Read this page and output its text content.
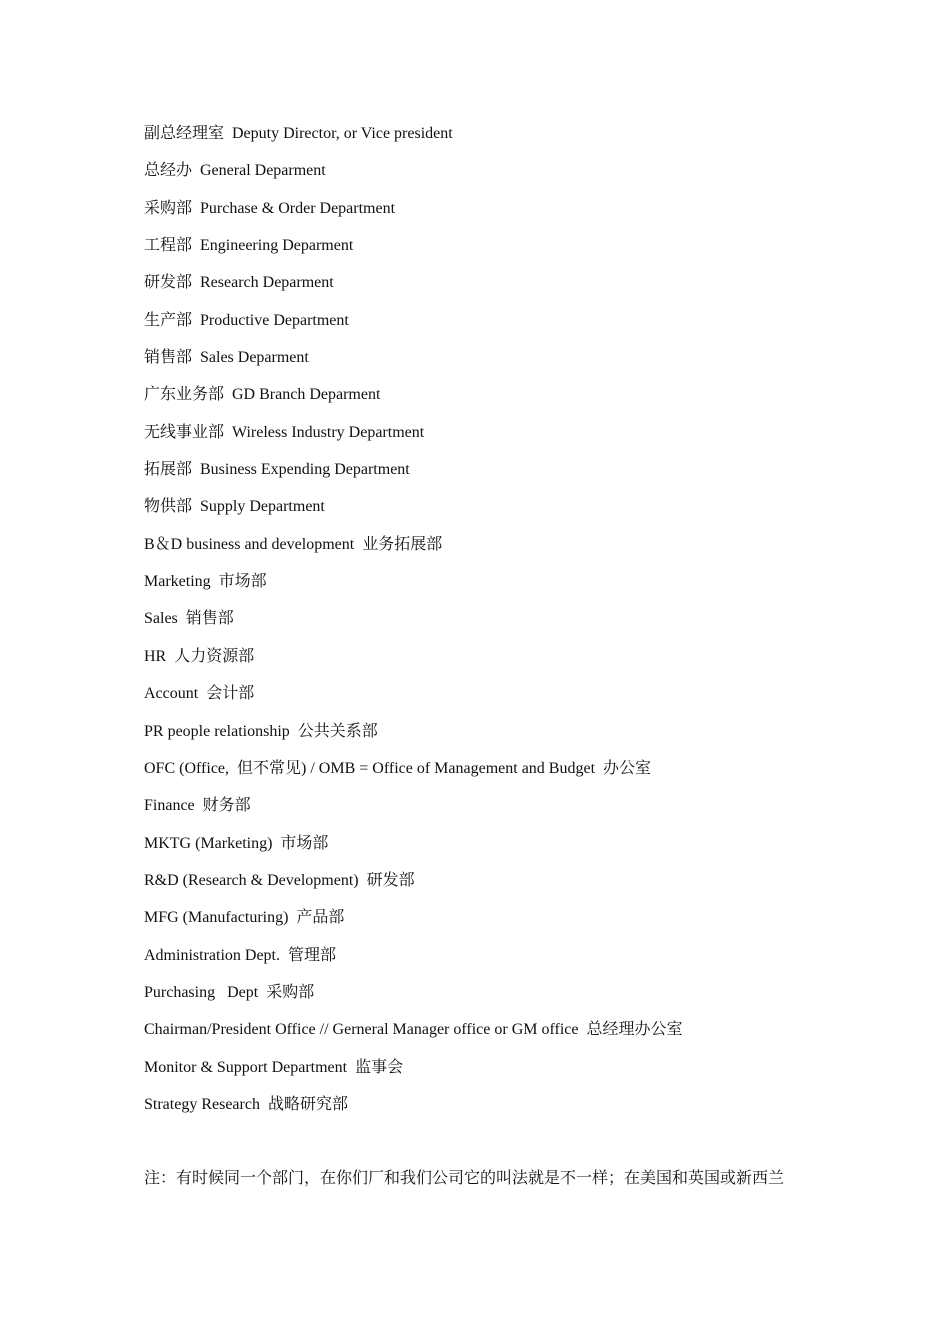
副总经理室  Deputy Director, or Vice president
总经办  General Deparment
采购部  Purchase & Order Department
工程部  Engineering Deparment
研发部  Research Deparment
生产部  Productive Department
销售部  Sales Deparment
广东业务部  GD Branch Deparment
无线事业部  Wireless Industry Department
拓展部  Business Expending Department
物供部  Supply Department
B＆D business and development  业务拓展部
Marketing  市场部
Sales  销售部
HR  人力资源部
Account  会计部
PR people relationship  公共关系部
OFC (Office,  但不常见) / OMB = Office of Management and Budget  办公室
Finance  财务部
MKTG (Marketing)  市场部
R&D (Research & Development)  研发部
MFG (Manufacturing)  产品部
Administration Dept.  管理部
Purchasing   Dept  采购部
Chairman/President Office // Gerneral Manager office or GM office  总经理办公室
Monitor & Support Department  监事会
Strategy Research  战略研究部
注：有时候同一个部门，在你们厂和我们公司它的叫法就是不一样；在美国和英国或新西兰
